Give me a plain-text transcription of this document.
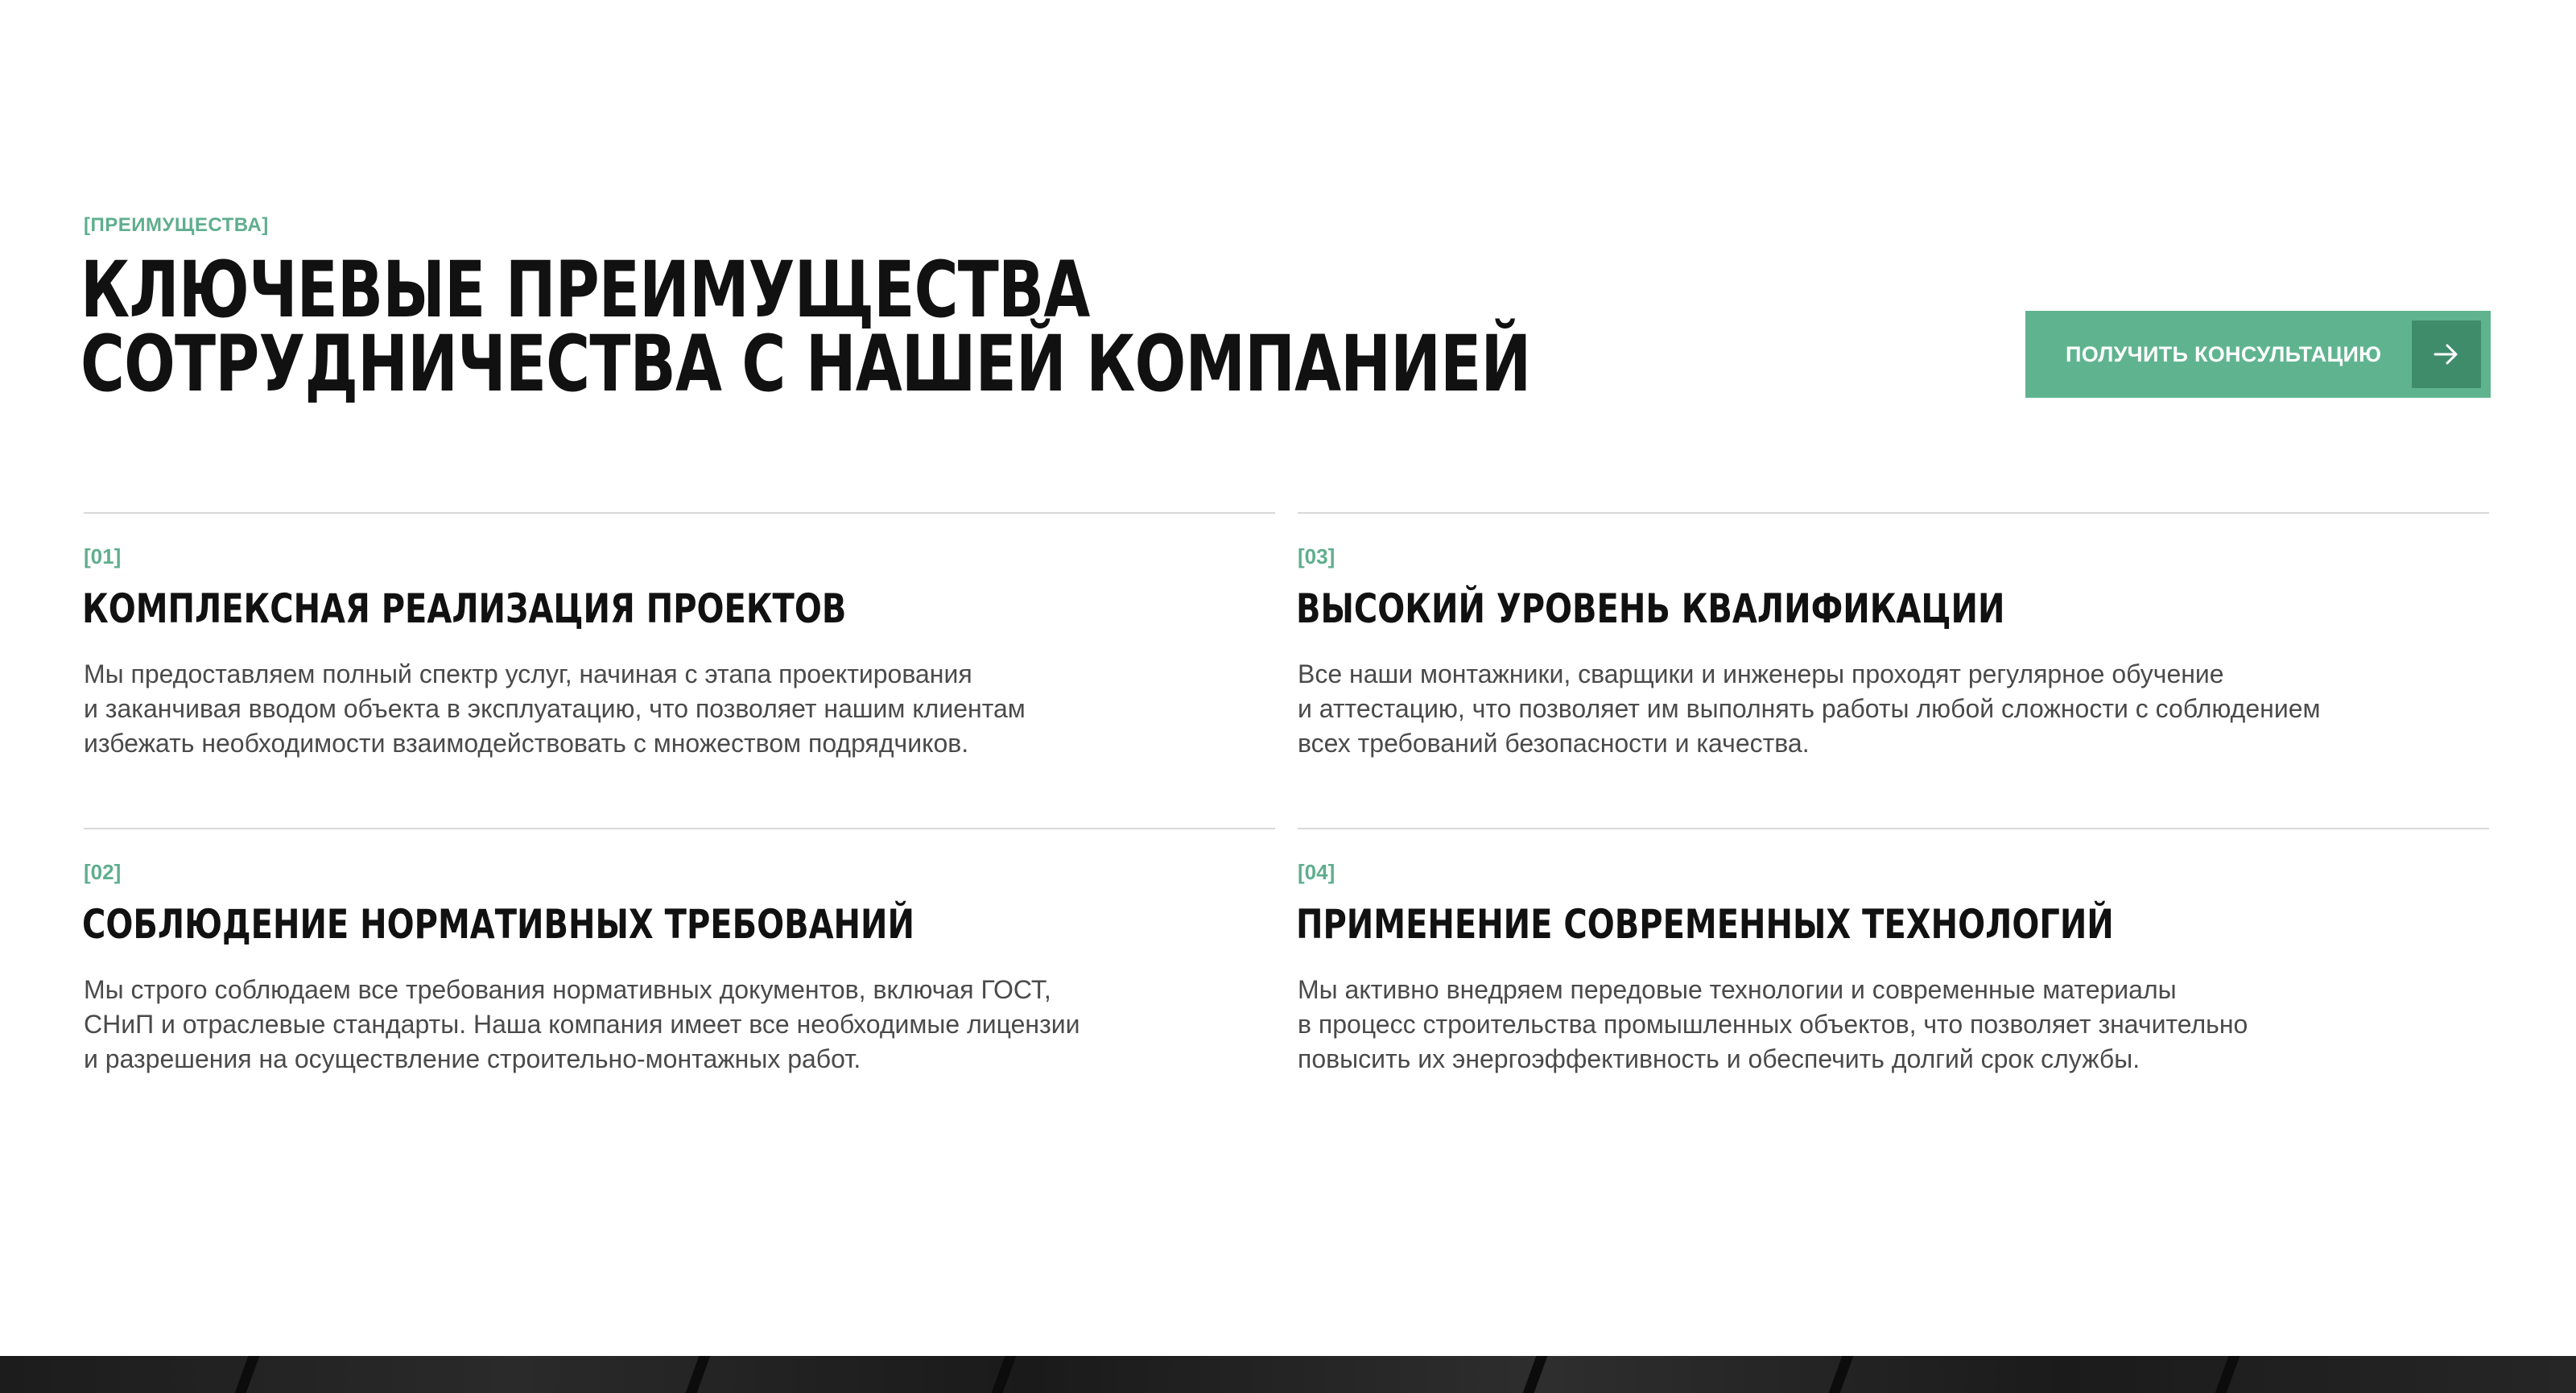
[ПРЕИМУЩЕСТВА]
КЛЮЧЕВЫЕ ПРЕИМУЩЕСТВА
СОТРУДНИЧЕСТВА С НАШЕЙ КОМПАНИЕЙ	ПОЛУЧИТЬ КОНСУЛЬТАЦИЮ
[01]
КОМПЛЕКСНАЯ РЕАЛИЗАЦИЯ ПРОЕКТОВ
Мы предоставляем полный спектр услуг, начиная с этапа проектирования
и заканчивая вводом объекта в эксплуатацию, что позволяет нашим клиентам
избежать необходимости взаимодействовать с множеством подрядчиков.
[03]
ВЫСОКИЙ УРОВЕНЬ КВАЛИФИКАЦИИ
Все наши монтажники, сварщики и инженеры проходят регулярное обучение
и аттестацию, что позволяет им выполнять работы любой сложности с соблюдением
всех требований безопасности и качества.
[02]
СОБЛЮДЕНИЕ НОРМАТИВНЫХ ТРЕБОВАНИЙ
Мы строго соблюдаем все требования нормативных документов, включая ГОСТ,
СНиП и отраслевые стандарты. Наша компания имеет все необходимые лицензии
и разрешения на осуществление строительно-монтажных работ.
[04]
ПРИМЕНЕНИЕ СОВРЕМЕННЫХ ТЕХНОЛОГИЙ
Мы активно внедряем передовые технологии и современные материалы
в процесс строительства промышленных объектов, что позволяет значительно
повысить их энергоэффективность и обеспечить долгий срок службы.
